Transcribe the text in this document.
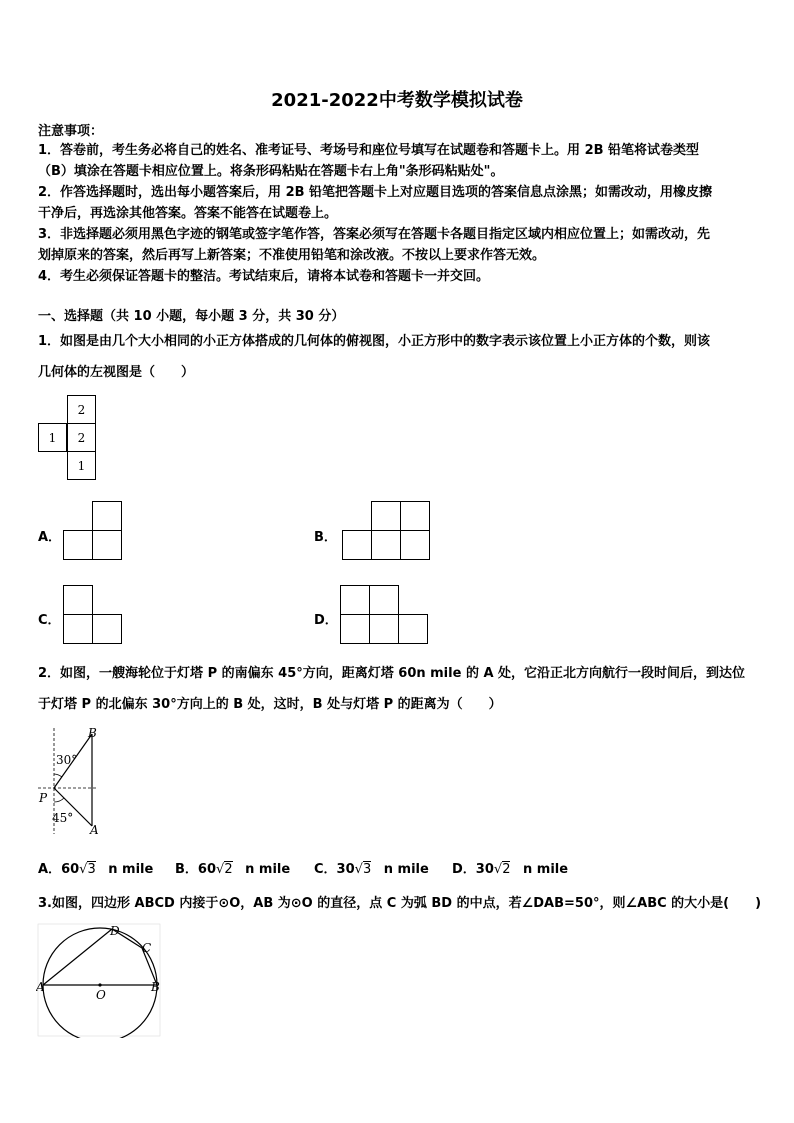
2021-2022中考数学模拟试卷
注意事项：
1．答卷前，考生务必将自己的姓名、准考证号、考场号和座位号填写在试题卷和答题卡上。用 2B 铅笔将试卷类型
（B）填涂在答题卡相应位置上。将条形码粘贴在答题卡右上角"条形码粘贴处"。
2．作答选择题时，选出每小题答案后，用 2B 铅笔把答题卡上对应题目选项的答案信息点涂黑；如需改动，用橡皮擦
干净后，再选涂其他答案。答案不能答在试题卷上。
3．非选择题必须用黑色字迹的钢笔或签字笔作答，答案必须写在答题卡各题目指定区域内相应位置上；如需改动，先
划掉原来的答案，然后再写上新答案；不准使用铅笔和涂改液。不按以上要求作答无效。
4．考生必须保证答题卡的整洁。考试结束后，请将本试卷和答题卡一并交回。
一、选择题（共 10 小题，每小题 3 分，共 30 分）
1．如图是由几个大小相同的小正方体搭成的几何体的俯视图，小正方形中的数字表示该位置上小正方体的个数，则该
几何体的左视图是（　　）
2
1	2
1
A．	B．
C．	D．
2．如图，一艘海轮位于灯塔 P 的南偏东 45°方向，距离灯塔 60n mile 的 A 处，它沿正北方向航行一段时间后，到达位
于灯塔 P 的北偏东 30°方向上的 B 处，这时，B 处与灯塔 P 的距离为（　　）
B
P
A
30°
45°
A．60√3 n mile B．60√2 n mile C．30√3 n mile D．30√2 n mile
3.如图，四边形 ABCD 内接于⊙O，AB 为⊙O 的直径，点 C 为弧 BD 的中点，若∠DAB=50°，则∠ABC 的大小是(　　)
A	B
C
D
O
